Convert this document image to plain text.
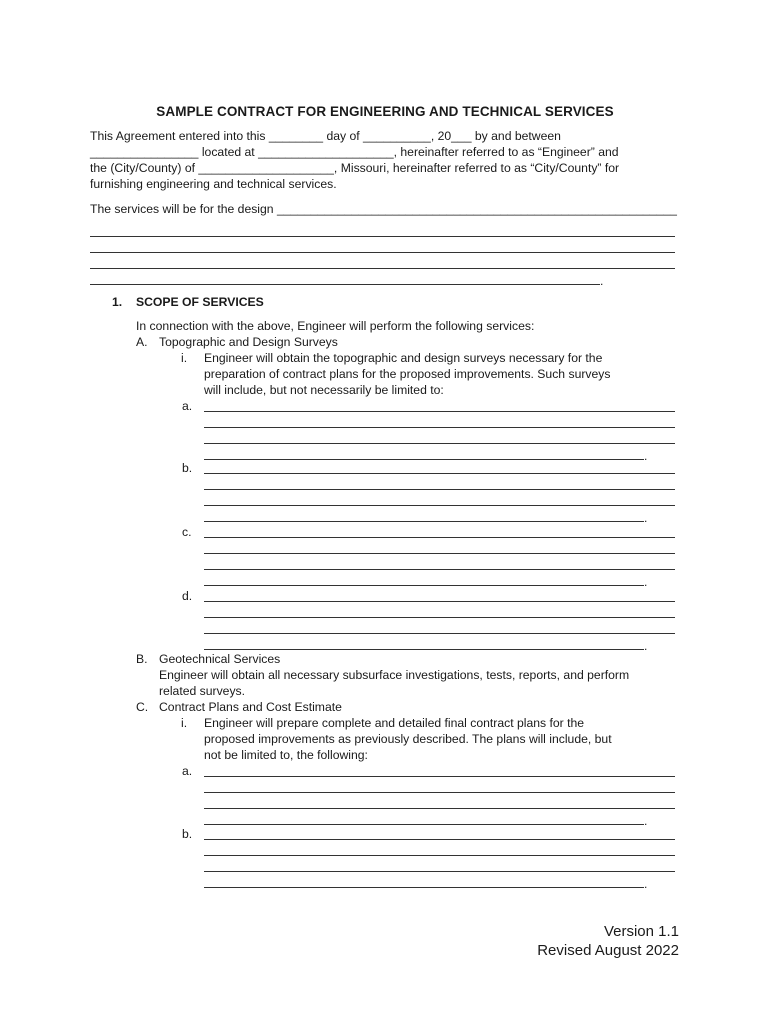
SAMPLE CONTRACT FOR ENGINEERING AND TECHNICAL SERVICES
This Agreement entered into this ________ day of __________, 20___ by and between
________________ located at ____________________, hereinafter referred to as “Engineer” and
the (City/County) of ____________________, Missouri, hereinafter referred to as “City/County” for
furnishing engineering and technical services.
The services will be for the design ___________________________________________________________
.
1. SCOPE OF SERVICES
In connection with the above, Engineer will perform the following services:
A. Topographic and Design Surveys
i. Engineer will obtain the topographic and design surveys necessary for the
preparation of contract plans for the proposed improvements. Such surveys
will include, but not necessarily be limited to:
a.
.
b.
.
c.
.
d.
.
B. Geotechnical Services
Engineer will obtain all necessary subsurface investigations, tests, reports, and perform
related surveys.
C. Contract Plans and Cost Estimate
i. Engineer will prepare complete and detailed final contract plans for the
proposed improvements as previously described. The plans will include, but
not be limited to, the following:
a.
.
b.
.
Version 1.1
Revised August 2022
